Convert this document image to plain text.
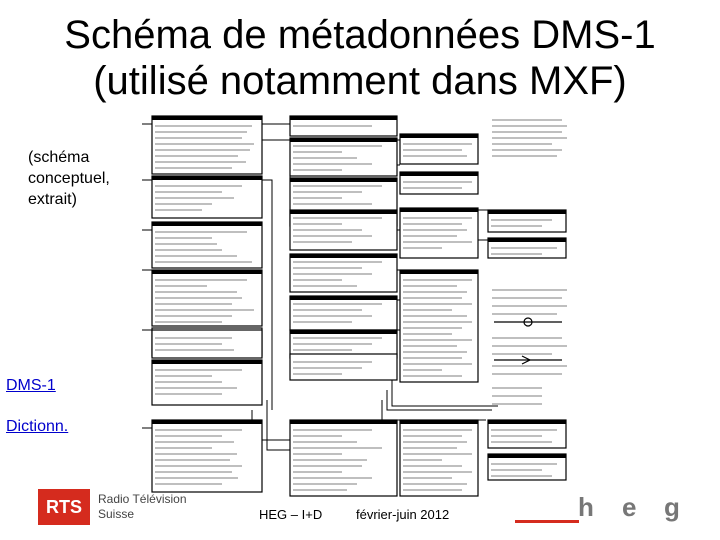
Schéma de métadonnées DMS-1
(utilisé notamment dans MXF)
(schéma
conceptuel,
extrait)
DMS-1
Dictionn.
RTS	Radio Télévision
Suisse	HEG – I+D	février-juin 2012	h e g
